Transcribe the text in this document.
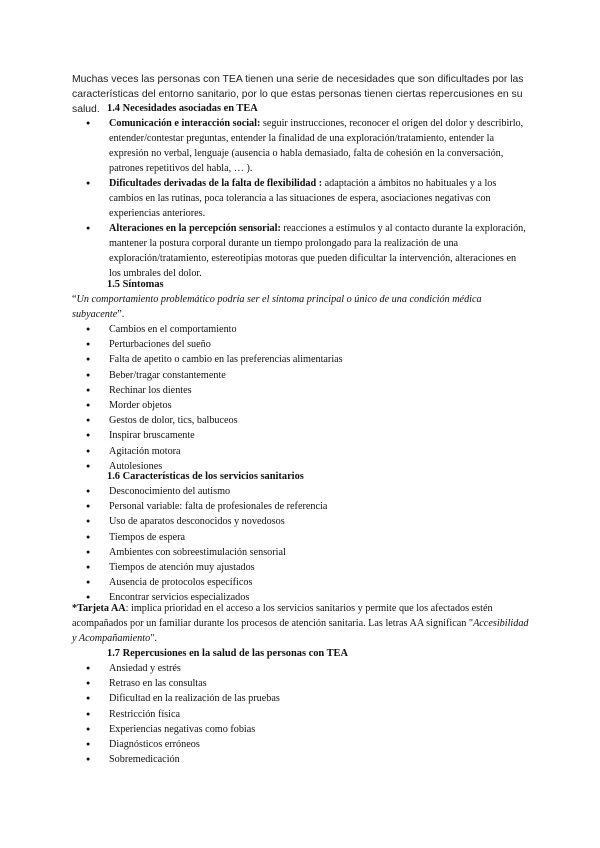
Muchas veces las personas con TEA tienen una serie de necesidades que son dificultades por las características del entorno sanitario, por lo que estas personas tienen ciertas repercusiones en su salud. 1.4 Necesidades asociadas en TEA
● Comunicación e interacción social: seguir instrucciones, reconocer el origen del dolor y describirlo, entender/contestar preguntas, entender la finalidad de una exploración/tratamiento, entender la expresión no verbal, lenguaje (ausencia o habla demasiado, falta de cohesión en la conversación, patrones repetitivos del habla, … ).
● Dificultades derivadas de la falta de flexibilidad : adaptación a ámbitos no habituales y a los cambios en las rutinas, poca tolerancia a las situaciones de espera, asociaciones negativas con experiencias anteriores.
● Alteraciones en la percepción sensorial: reacciones a estímulos y al contacto durante la exploración, mantener la postura corporal durante un tiempo prolongado para la realización de una exploración/tratamiento, estereotipias motoras que pueden dificultar la intervención, alteraciones en los umbrales del dolor.
1.5 Síntomas
“Un comportamiento problemático podría ser el síntoma principal o único de una condición médica subyacente”.
● Cambios en el comportamiento
● Perturbaciones del sueño
● Falta de apetito o cambio en las preferencias alimentarias
● Beber/tragar constantemente
● Rechinar los dientes
● Morder objetos
● Gestos de dolor, tics, balbuceos
● Inspirar bruscamente
● Agitación motora
● Autolesiones
1.6 Características de los servicios sanitarios
● Desconocimiento del autismo
● Personal variable: falta de profesionales de referencia
● Uso de aparatos desconocidos y novedosos
● Tiempos de espera
● Ambientes con sobreestimulación sensorial
● Tiempos de atención muy ajustados
● Ausencia de protocolos específicos
● Encontrar servicios especializados
*Tarjeta AA: implica prioridad en el acceso a los servicios sanitarios y permite que los afectados estén acompañados por un familiar durante los procesos de atención sanitaria. Las letras AA significan "Accesibilidad y Acompañamiento".
1.7 Repercusiones en la salud de las personas con TEA
● Ansiedad y estrés
● Retraso en las consultas
● Dificultad en la realización de las pruebas
● Restricción física
● Experiencias negativas como fobias
● Diagnósticos erróneos
● Sobremedicación
